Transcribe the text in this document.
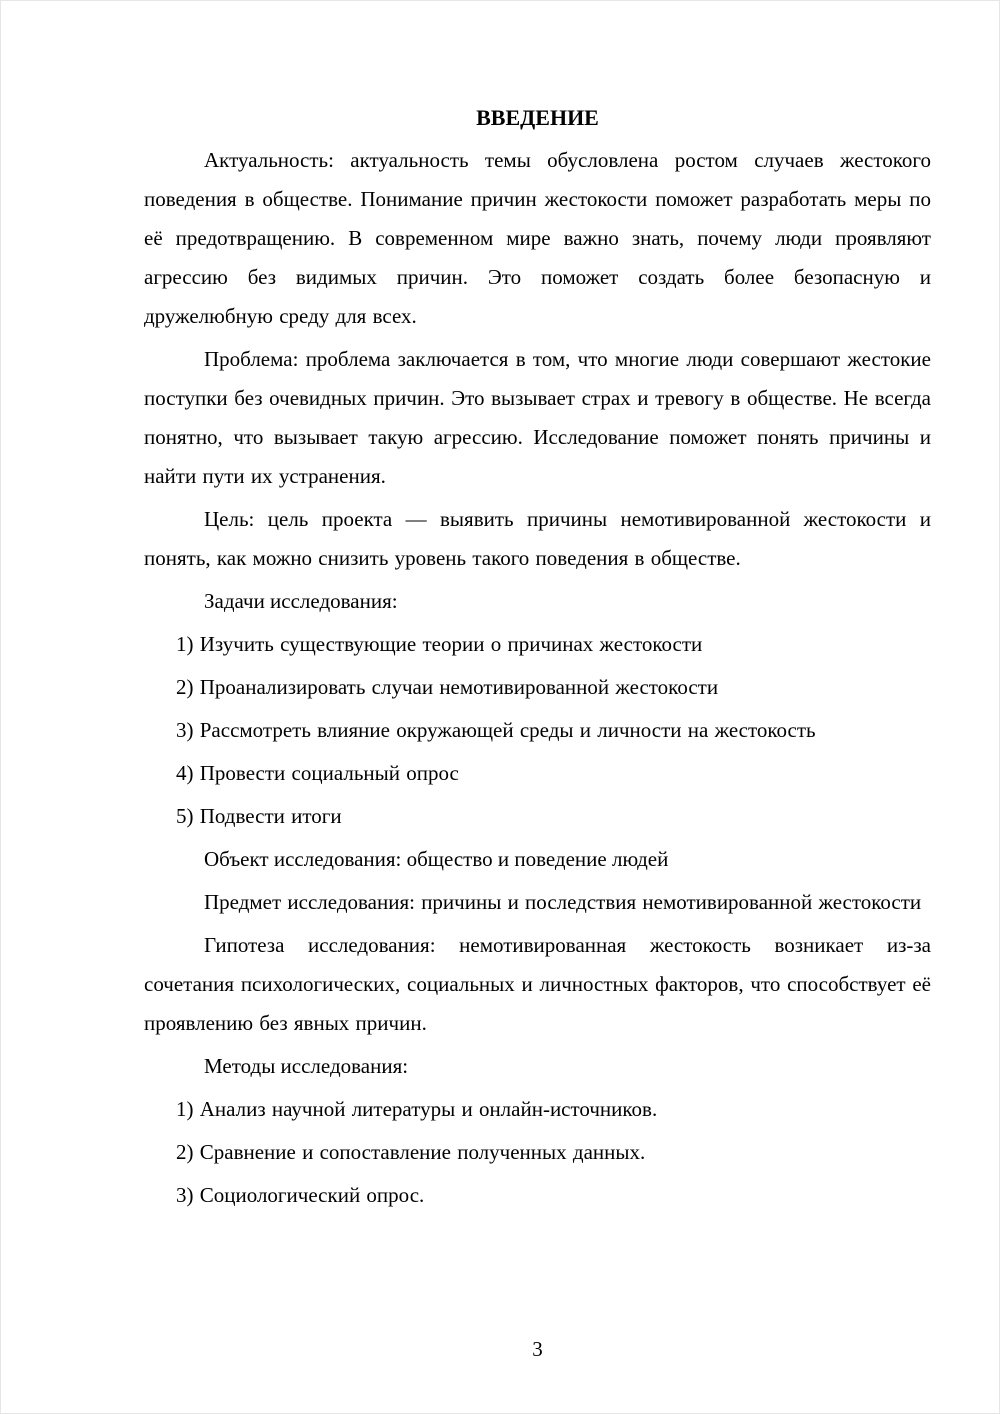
ВВЕДЕНИЕ

Актуальность: актуальность темы обусловлена ростом случаев жестокого поведения в обществе. Понимание причин жестокости поможет разработать меры по её предотвращению. В современном мире важно знать, почему люди проявляют агрессию без видимых причин. Это поможет создать более безопасную и дружелюбную среду для всех.

Проблема: проблема заключается в том, что многие люди совершают жестокие поступки без очевидных причин. Это вызывает страх и тревогу в обществе. Не всегда понятно, что вызывает такую агрессию. Исследование поможет понять причины и найти пути их устранения.

Цель: цель проекта — выявить причины немотивированной жестокости и понять, как можно снизить уровень такого поведения в обществе.

Задачи исследования:

1) Изучить существующие теории о причинах жестокости

2) Проанализировать случаи немотивированной жестокости

3) Рассмотреть влияние окружающей среды и личности на жестокость

4) Провести социальный опрос

5) Подвести итоги

Объект исследования: общество и поведение людей

Предмет исследования: причины и последствия немотивированной жестокости

Гипотеза исследования: немотивированная жестокость возникает из-за сочетания психологических, социальных и личностных факторов, что способствует её проявлению без явных причин.

Методы исследования:

1) Анализ научной литературы и онлайн-источников.

2) Сравнение и сопоставление полученных данных.

3) Социологический опрос.

3
